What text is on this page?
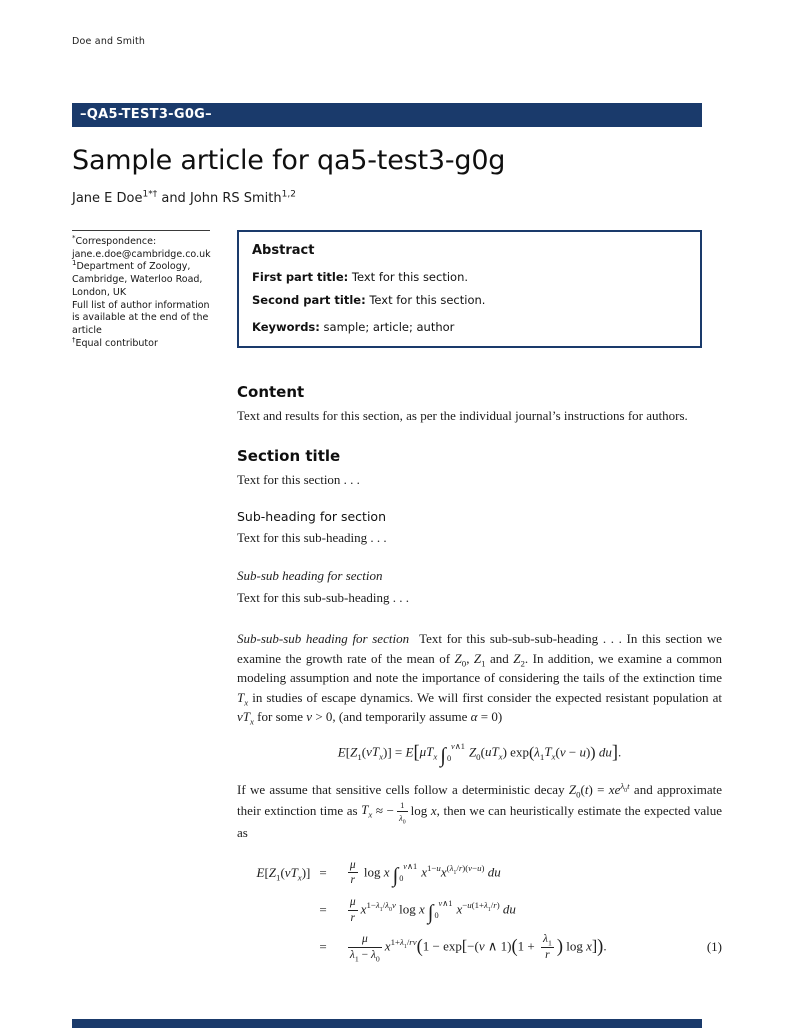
Doe and Smith
–QA5-TEST3-G0G–
Sample article for qa5-test3-g0g
Jane E Doe$^{1*\dagger}$ and John RS Smith$^{1,2}$

*Correspondence:

jane.e.doe@cambridge.co.uk

$^1$Department of Zoology, Cambridge, Waterloo Road, London, UK

Full list of author information is available at the end of the article

†Equal contributor

Abstract

First part title: Text for this section.

Second part title: Text for this section.

Keywords: sample; article; author

Content

Text and results for this section, as per the individual journal’s instructions for authors.

Section title

Text for this section . . .

Sub-heading for section

Text for this sub-heading . . .

Sub-sub heading for section

Text for this sub-sub-heading . . .

Sub-sub-sub heading for section Text for this sub-sub-sub-heading . . . In this section we examine the growth rate of the mean of $Z_0$, $Z_1$ and $Z_2$. In addition, we examine a common modeling assumption and note the importance of considering the tails of the extinction time $T_x$ in studies of escape dynamics. We will first consider the expected resistant population at $vT_x$ for some v > 0, (and temporarily assume α = 0)

$E[Z_1(vT_x)] = E[\mu T_x$ ∫ v∧1
0	$Z_0(uT_x) \exp(\lambda_1T_x(v - u))$ du].

If we assume that sensitive cells follow a deterministic decay $Z_0(t) = xe^{\lambda_0t}$ and approximate their extinction time as $T_x$ ≈ − $\frac{1}{\lambda_0}$ log x, then we can heuristically estimate the expected value as

$E[Z_1(vT_x)]$	=	$\frac{\mu}{r}$ log x ∫ v∧1
0	$x^{1-u}x^{(\lambda_1/r)(v-u)}$ du	
	=	$\frac{\mu}{r} x^{1-\lambda_1/\lambda_0v}$ log x ∫ v∧1
0	$x^{-u(1+\lambda_1/r)}$ du	
	=	$\frac{\mu}{\lambda_1 - \lambda_0} x^{1+\lambda_1/rv}(1 - \exp[-(v$ ∧ $1)(1 + \frac{\lambda_1}{r}$ ) log x]).	(1)
